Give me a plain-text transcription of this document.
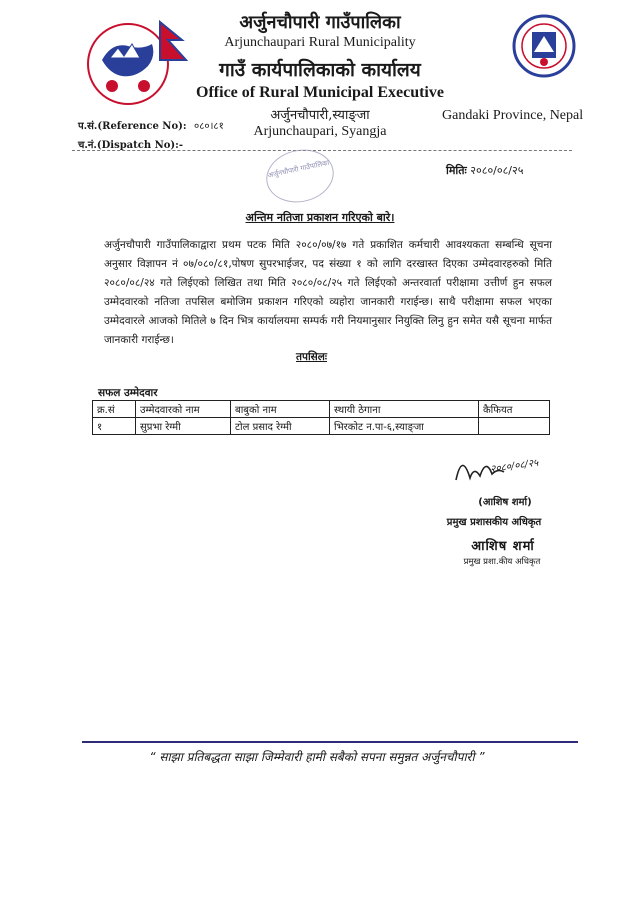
अर्जुनचौपारी गाउँपालिका
Arjunchaupari Rural Municipality
गाउँ कार्यपालिकाको कार्यालय
Office of Rural Municipal Executive
अर्जुनचौपारी,स्याङ्जा
Arjunchaupari, Syangja
Gandaki Province, Nepal
प.सं.(Reference No): ०८०।८१
च.नं.(Dispatch No):-
अर्जुनचौपारी गाउँपालिका	मितिः २०८०/०८/२५
अन्तिम नतिजा प्रकाशन गरिएको बारे।
अर्जुनचौपारी गाउँपालिकाद्वारा प्रथम पटक मिति २०८०/०७/१७ गते प्रकाशित कर्मचारी आवश्यकता सम्बन्धि सूचना अनुसार विज्ञापन नं ०७/०८०/८१,पोषण सुपरभाईजर, पद संख्या १ को लागि दरखास्त दिएका उम्मेदवारहरुको मिति २०८०/०८/२४ गते लिईएको लिखित तथा मिति २०८०/०८/२५ गते लिईएको अन्तरवार्ता परीक्षामा उत्तीर्ण हुन सफल उम्मेदवारको नतिजा तपसिल बमोजिम प्रकाशन गरिएको व्यहोरा जानकारी गराईन्छ। साथै परीक्षामा सफल भएका उम्मेदवारले आजको मितिले ७ दिन भित्र कार्यालयमा सम्पर्क गरी नियमानुसार नियुक्ति लिनु हुन समेत यसै सूचना मार्फत जानकारी गराईन्छ।
तपसिलः
सफल उम्मेदवार
क्र.सं	उम्मेदवारको नाम	बाबुको नाम	स्थायी ठेगाना	कैफियत
१	सुप्रभा रेग्मी	टोल प्रसाद रेग्मी	भिरकोट न.पा-६,स्याङ्जा	
२०८०/०८/२५
(आशिष शर्मा)
प्रमुख प्रशासकीय अधिकृत
आशिष शर्मा
प्रमुख प्रशा.कीय अधिकृत
“ साझा प्रतिबद्धता साझा जिम्मेवारी हामी सबैको सपना समुन्नत अर्जुनचौपारी ”
